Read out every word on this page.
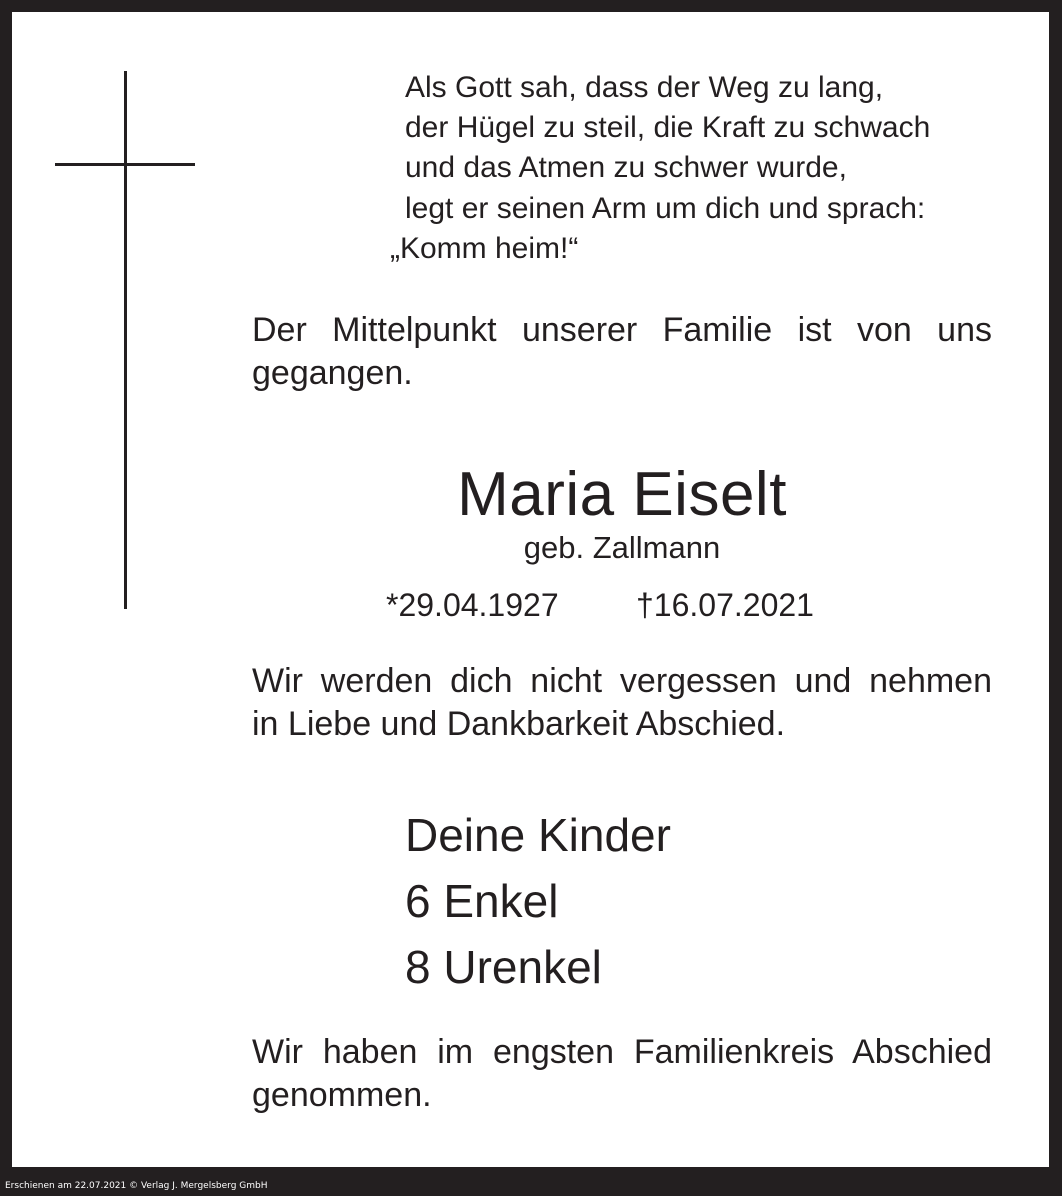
Als Gott sah, dass der Weg zu lang,
der Hügel zu steil, die Kraft zu schwach
und das Atmen zu schwer wurde,
legt er seinen Arm um dich und sprach:
„Komm heim!“
Der Mittelpunkt unserer Familie ist von uns
gegangen.
Maria Eiselt
geb. Zallmann
*29.04.1927 †16.07.2021
Wir werden dich nicht vergessen und nehmen
in Liebe und Dankbarkeit Abschied.
Deine Kinder
6 Enkel
8 Urenkel
Wir haben im engsten Familienkreis Abschied
genommen.
Erschienen am 22.07.2021 © Verlag J. Mergelsberg GmbH
